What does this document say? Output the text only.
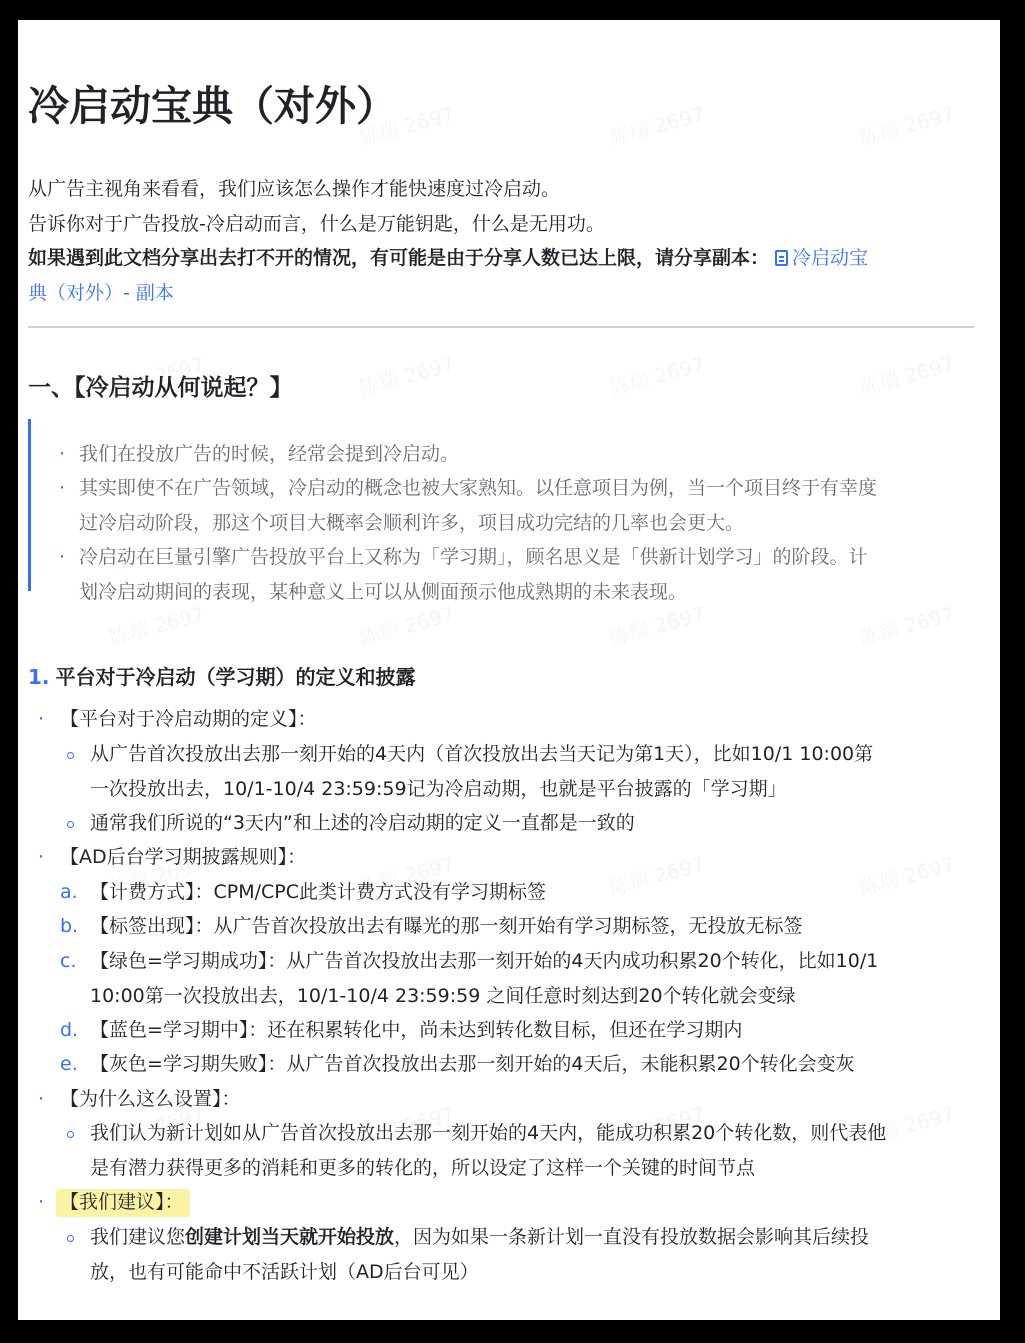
冷启动宝典（对外）

从广告主视角来看看，我们应该怎么操作才能快速度过冷启动。

告诉你对于广告投放-冷启动而言，什么是万能钥匙，什么是无用功。

如果遇到此文档分享出去打不开的情况，有可能是由于分享人数已达上限，请分享副本： 冷启动宝

典（对外）- 副本

一、【冷启动从何说起？】
· 我们在投放广告的时候，经常会提到冷启动。
· 其实即使不在广告领域，冷启动的概念也被大家熟知。以任意项目为例，当一个项目终于有幸度
过冷启动阶段，那这个项目大概率会顺利许多，项目成功完结的几率也会更大。
· 冷启动在巨量引擎广告投放平台上又称为「学习期」，顾名思义是「供新计划学习」的阶段。计
划冷启动期间的表现，某种意义上可以从侧面预示他成熟期的未来表现。
1. 平台对于冷启动（学习期）的定义和披露
· 【平台对于冷启动期的定义】：
从广告首次投放出去那一刻开始的4天内（首次投放出去当天记为第1天），比如10/1 10:00第
一次投放出去，10/1-10/4 23:59:59记为冷启动期，也就是平台披露的「学习期」
通常我们所说的“3天内”和上述的冷启动期的定义一直都是一致的
· 【AD后台学习期披露规则】：
a. 【计费方式】：CPM/CPC此类计费方式没有学习期标签
b. 【标签出现】：从广告首次投放出去有曝光的那一刻开始有学习期标签，无投放无标签
c. 【绿色=学习期成功】：从广告首次投放出去那一刻开始的4天内成功积累20个转化，比如10/1
10:00第一次投放出去，10/1-10/4 23:59:59 之间任意时刻达到20个转化就会变绿
d. 【蓝色=学习期中】：还在积累转化中，尚未达到转化数目标，但还在学习期内
e. 【灰色=学习期失败】：从广告首次投放出去那一刻开始的4天后，未能积累20个转化会变灰
· 【为什么这么设置】：
我们认为新计划如从广告首次投放出去那一刻开始的4天内，能成功积累20个转化数，则代表他
是有潜力获得更多的消耗和更多的转化的，所以设定了这样一个关键的时间节点
· 【我们建议】：
我们建议您创建计划当天就开始投放，因为如果一条新计划一直没有投放数据会影响其后续投
放，也有可能命中不活跃计划（AD后台可见）
